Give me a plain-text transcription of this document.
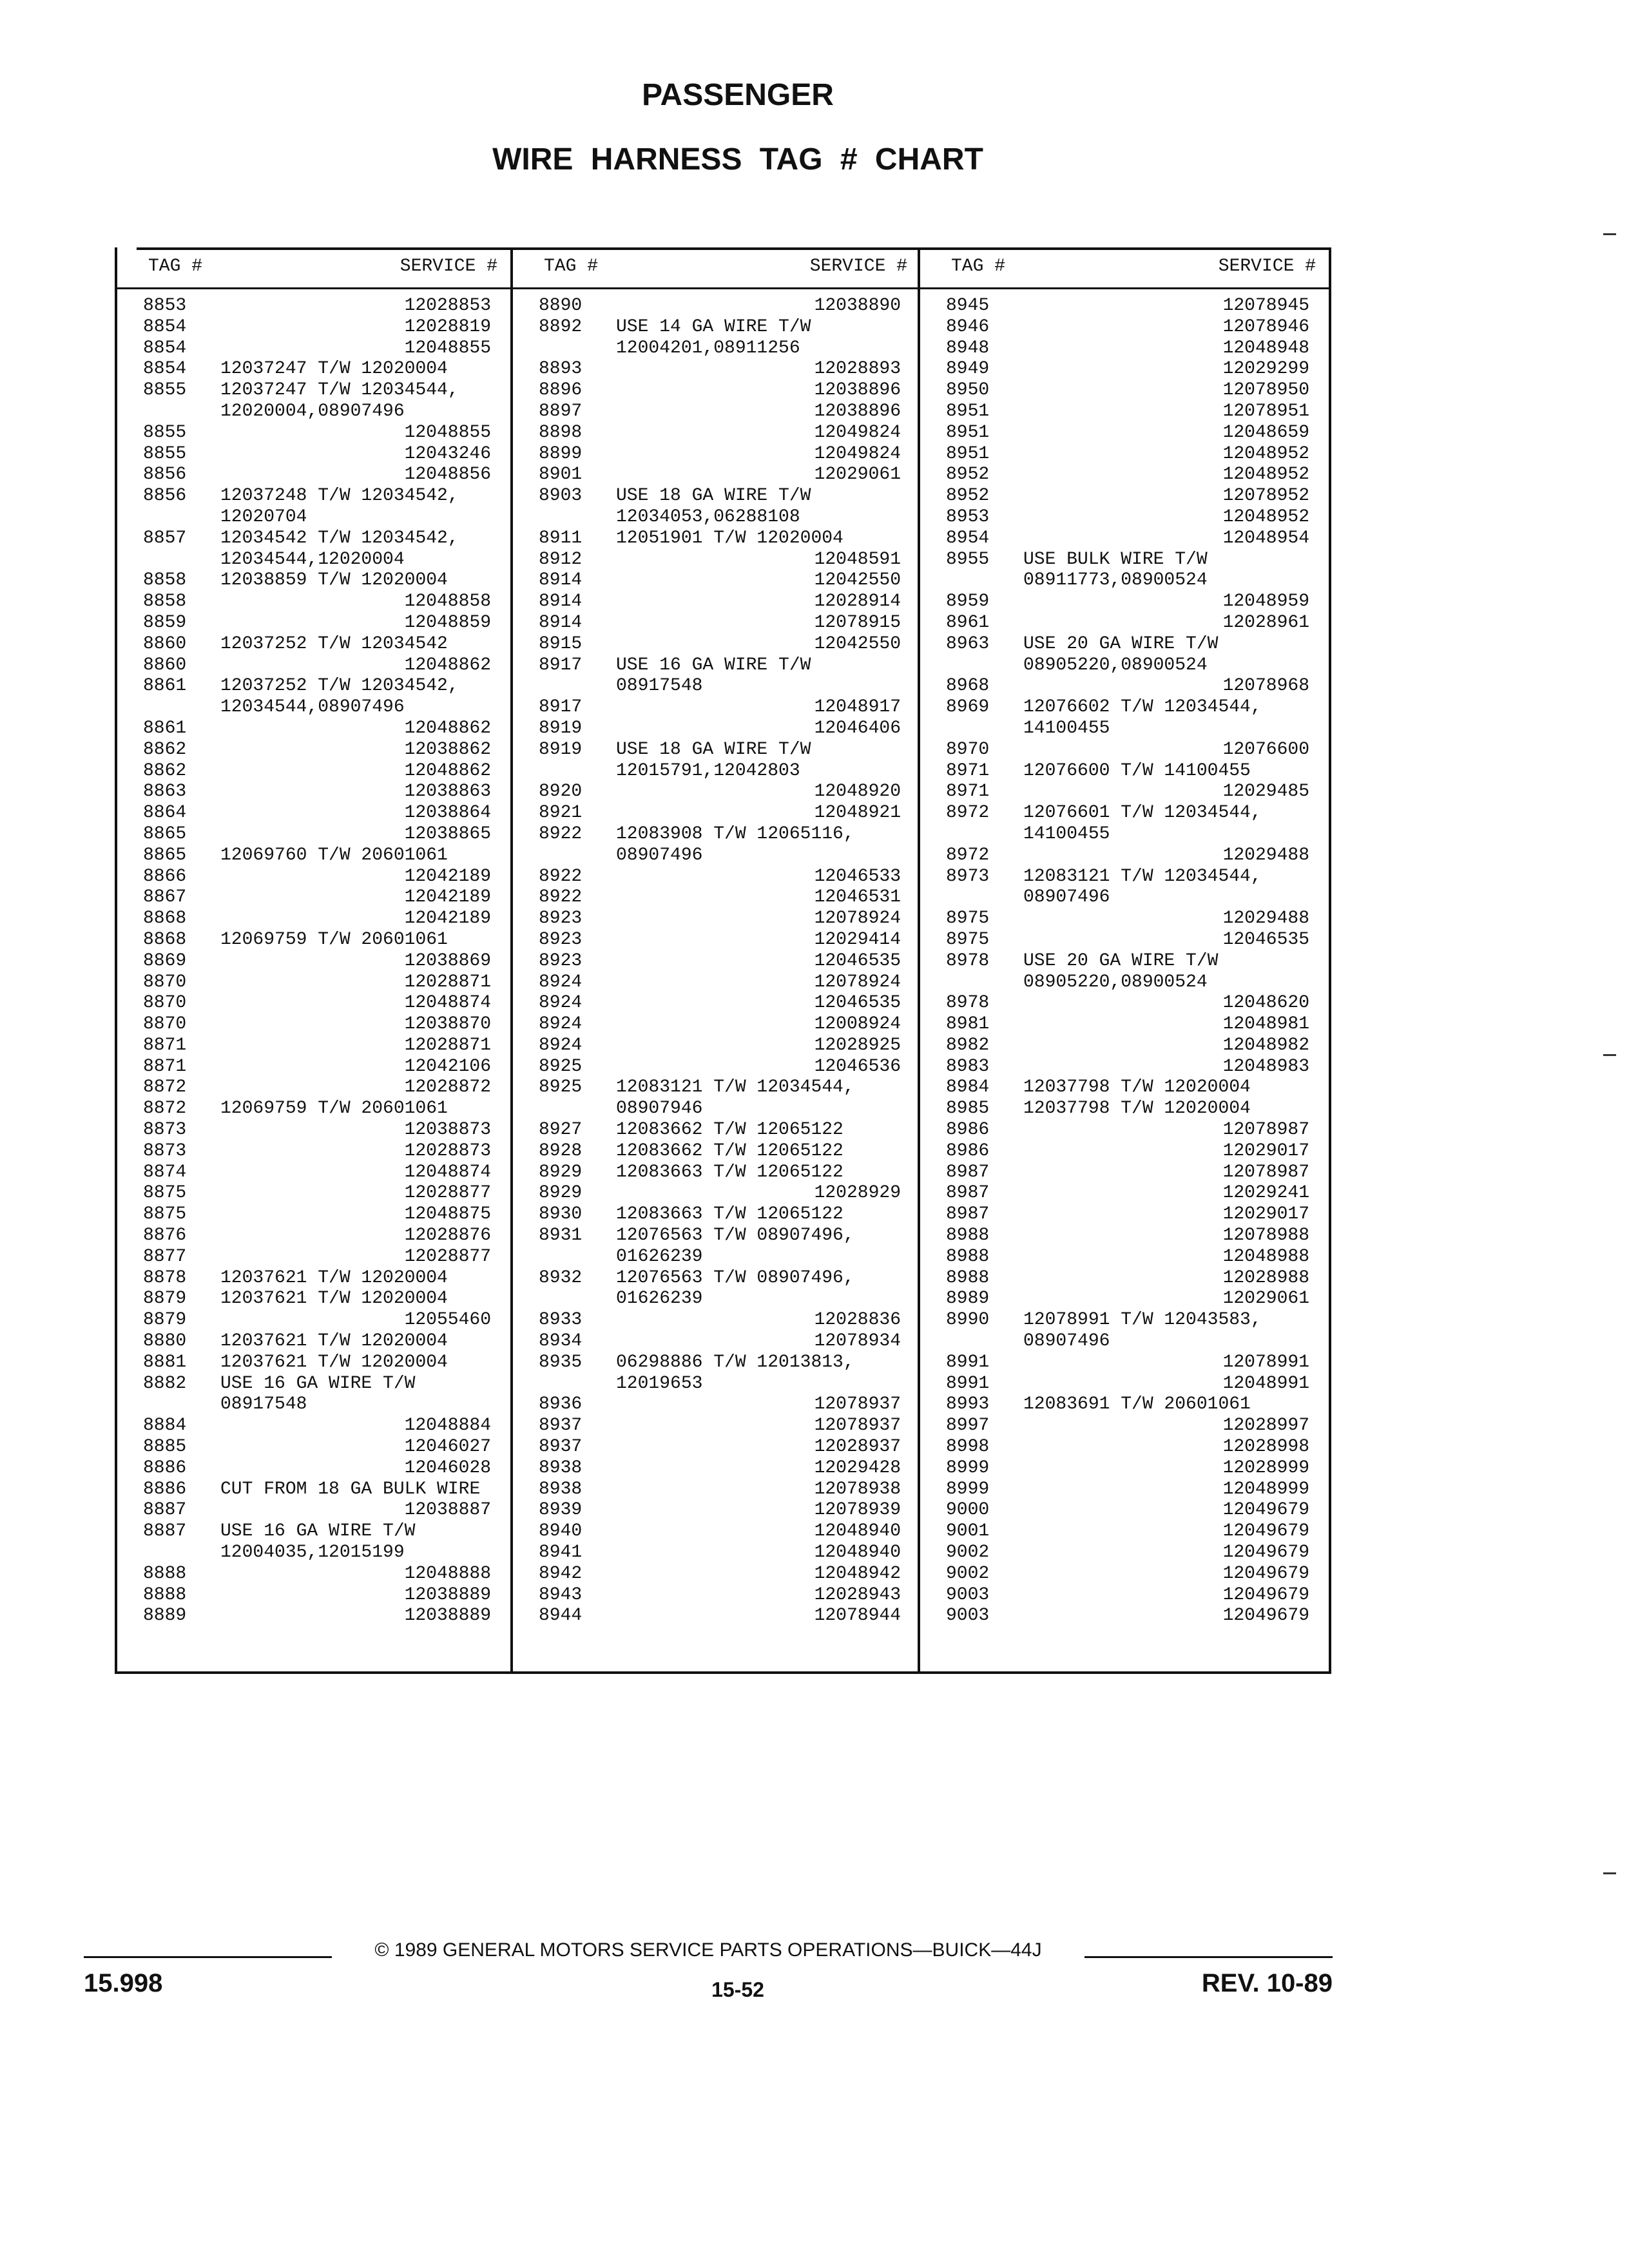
PASSENGER
WIRE HARNESS TAG # CHART
TAG #	SERVICE #
8853	12028853
8854	12028819
8854	12048855
8854 12037247 T/W 12020004
8855 12037247 T/W 12034544,
12020004,08907496
8855	12048855
8855	12043246
8856	12048856
8856 12037248 T/W 12034542,
12020704
8857 12034542 T/W 12034542,
12034544,12020004
8858 12038859 T/W 12020004
8858	12048858
8859	12048859
8860 12037252 T/W 12034542
8860	12048862
8861 12037252 T/W 12034542,
12034544,08907496
8861	12048862
8862	12038862
8862	12048862
8863	12038863
8864	12038864
8865	12038865
8865 12069760 T/W 20601061
8866	12042189
8867	12042189
8868	12042189
8868 12069759 T/W 20601061
8869	12038869
8870	12028871
8870	12048874
8870	12038870
8871	12028871
8871	12042106
8872	12028872
8872 12069759 T/W 20601061
8873	12038873
8873	12028873
8874	12048874
8875	12028877
8875	12048875
8876	12028876
8877	12028877
8878 12037621 T/W 12020004
8879 12037621 T/W 12020004
8879	12055460
8880 12037621 T/W 12020004
8881 12037621 T/W 12020004
8882 USE 16 GA WIRE T/W
08917548
8884	12048884
8885	12046027
8886	12046028
8886 CUT FROM 18 GA BULK WIRE
8887	12038887
8887 USE 16 GA WIRE T/W
12004035,12015199
8888	12048888
8888	12038889
8889	12038889
TAG #	SERVICE #
8890	12038890
8892 USE 14 GA WIRE T/W
12004201,08911256
8893	12028893
8896	12038896
8897	12038896
8898	12049824
8899	12049824
8901	12029061
8903 USE 18 GA WIRE T/W
12034053,06288108
8911 12051901 T/W 12020004
8912	12048591
8914	12042550
8914	12028914
8914	12078915
8915	12042550
8917 USE 16 GA WIRE T/W
08917548
8917	12048917
8919	12046406
8919 USE 18 GA WIRE T/W
12015791,12042803
8920	12048920
8921	12048921
8922 12083908 T/W 12065116,
08907496
8922	12046533
8922	12046531
8923	12078924
8923	12029414
8923	12046535
8924	12078924
8924	12046535
8924	12008924
8924	12028925
8925	12046536
8925 12083121 T/W 12034544,
08907946
8927 12083662 T/W 12065122
8928 12083662 T/W 12065122
8929 12083663 T/W 12065122
8929	12028929
8930 12083663 T/W 12065122
8931 12076563 T/W 08907496,
01626239
8932 12076563 T/W 08907496,
01626239
8933	12028836
8934	12078934
8935 06298886 T/W 12013813,
12019653
8936	12078937
8937	12078937
8937	12028937
8938	12029428
8938	12078938
8939	12078939
8940	12048940
8941	12048940
8942	12048942
8943	12028943
8944	12078944
TAG #	SERVICE #
8945	12078945
8946	12078946
8948	12048948
8949	12029299
8950	12078950
8951	12078951
8951	12048659
8951	12048952
8952	12048952
8952	12078952
8953	12048952
8954	12048954
8955 USE BULK WIRE T/W
08911773,08900524
8959	12048959
8961	12028961
8963 USE 20 GA WIRE T/W
08905220,08900524
8968	12078968
8969 12076602 T/W 12034544,
14100455
8970	12076600
8971 12076600 T/W 14100455
8971	12029485
8972 12076601 T/W 12034544,
14100455
8972	12029488
8973 12083121 T/W 12034544,
08907496
8975	12029488
8975	12046535
8978 USE 20 GA WIRE T/W
08905220,08900524
8978	12048620
8981	12048981
8982	12048982
8983	12048983
8984 12037798 T/W 12020004
8985 12037798 T/W 12020004
8986	12078987
8986	12029017
8987	12078987
8987	12029241
8987	12029017
8988	12078988
8988	12048988
8988	12028988
8989	12029061
8990 12078991 T/W 12043583,
08907496
8991	12078991
8991	12048991
8993 12083691 T/W 20601061
8997	12028997
8998	12028998
8999	12028999
8999	12048999
9000	12049679
9001	12049679
9002	12049679
9002	12049679
9003	12049679
9003	12049679
© 1989 GENERAL MOTORS SERVICE PARTS OPERATIONS—BUICK—44J
15.998	15-52	REV. 10-89
